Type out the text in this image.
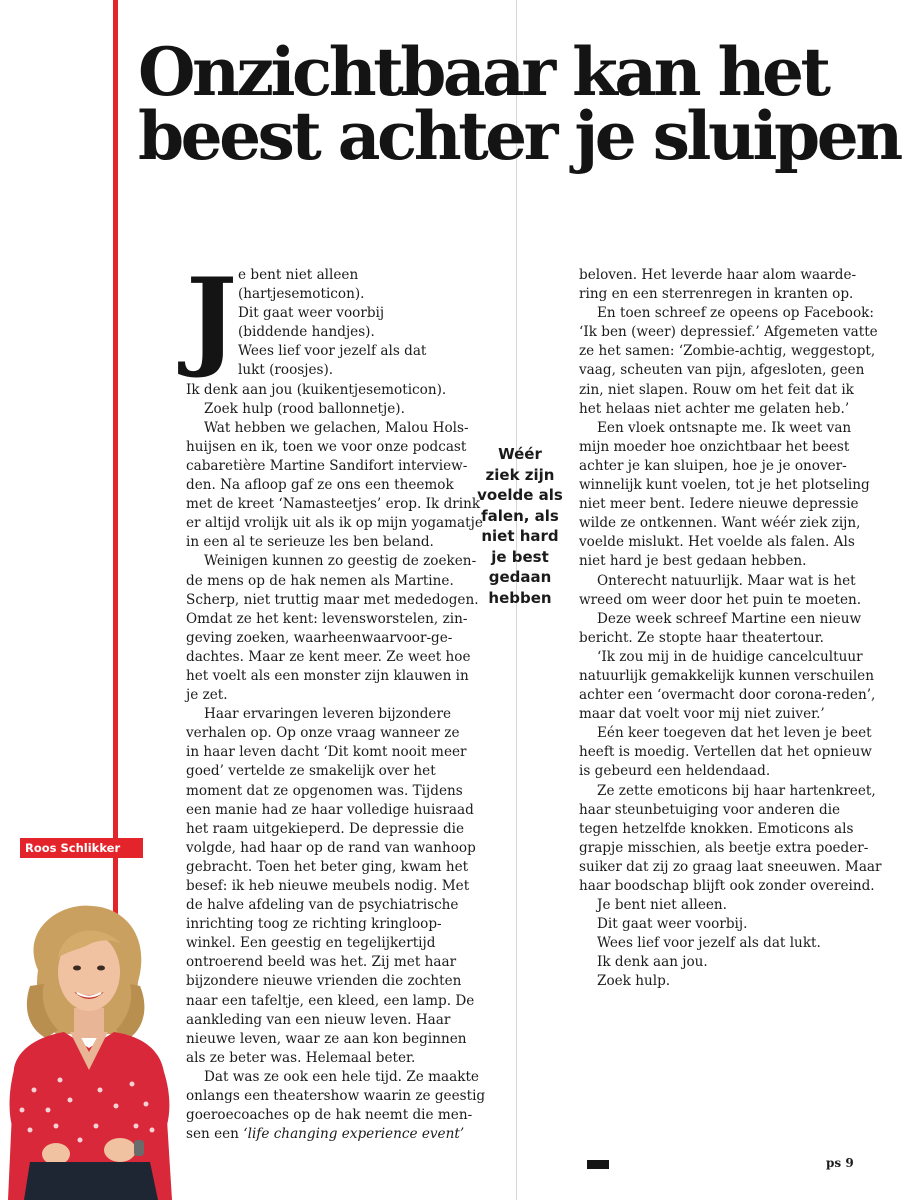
Onzichtbaar kan het
beest achter je sluipen
J e bent niet alleen
(hartjesemoticon).
Dit gaat weer voorbij
(biddende handjes).
Wees lief voor jezelf als dat
lukt (roosjes).
Ik denk aan jou (kuikentjesemoticon).
Zoek hulp (rood ballonnetje).
Wat hebben we gelachen, Malou Hols-
huijsen en ik, toen we voor onze podcast
cabaretière Martine Sandifort interview-
den. Na afloop gaf ze ons een theemok
met de kreet ‘Namasteetjes’ erop. Ik drink
er altijd vrolijk uit als ik op mijn yogamatje
in een al te serieuze les ben beland.
Weinigen kunnen zo geestig de zoeken-
de mens op de hak nemen als Martine.
Scherp, niet truttig maar met mededogen.
Omdat ze het kent: levensworstelen, zin-
geving zoeken, waarheenwaarvoor-ge-
dachtes. Maar ze kent meer. Ze weet hoe
het voelt als een monster zijn klauwen in
je zet.
Haar ervaringen leveren bijzondere
verhalen op. Op onze vraag wanneer ze
in haar leven dacht ‘Dit komt nooit meer
goed’ vertelde ze smakelijk over het
moment dat ze opgenomen was. Tijdens
een manie had ze haar volledige huisraad
het raam uitgekieperd. De depressie die
volgde, had haar op de rand van wanhoop
gebracht. Toen het beter ging, kwam het
besef: ik heb nieuwe meubels nodig. Met
de halve afdeling van de psychiatrische
inrichting toog ze richting kringloop-
winkel. Een geestig en tegelijkertijd
ontroerend beeld was het. Zij met haar
bijzondere nieuwe vrienden die zochten
naar een tafeltje, een kleed, een lamp. De
aankleding van een nieuw leven. Haar
nieuwe leven, waar ze aan kon beginnen
als ze beter was. Helemaal beter.
Dat was ze ook een hele tijd. Ze maakte
onlangs een theatershow waarin ze geestig
goeroecoaches op de hak neemt die men-
sen een ‘life changing experience event’
beloven. Het leverde haar alom waarde-
ring en een sterrenregen in kranten op.
En toen schreef ze opeens op Facebook:
‘Ik ben (weer) depressief.’ Afgemeten vatte
ze het samen: ‘Zombie-achtig, weggestopt,
vaag, scheuten van pijn, afgesloten, geen
zin, niet slapen. Rouw om het feit dat ik
het helaas niet achter me gelaten heb.’
Een vloek ontsnapte me. Ik weet van
mijn moeder hoe onzichtbaar het beest
achter je kan sluipen, hoe je je onover-
winnelijk kunt voelen, tot je het plotseling
niet meer bent. Iedere nieuwe depressie
wilde ze ontkennen. Want wéér ziek zijn,
voelde mislukt. Het voelde als falen. Als
niet hard je best gedaan hebben.
Onterecht natuurlijk. Maar wat is het
wreed om weer door het puin te moeten.
Deze week schreef Martine een nieuw
bericht. Ze stopte haar theatertour.
‘Ik zou mij in de huidige cancelcultuur
natuurlijk gemakkelijk kunnen verschuilen
achter een ‘overmacht door corona-reden’,
maar dat voelt voor mij niet zuiver.’
Eén keer toegeven dat het leven je beet
heeft is moedig. Vertellen dat het opnieuw
is gebeurd een heldendaad.
Ze zette emoticons bij haar hartenkreet,
haar steunbetuiging voor anderen die
tegen hetzelfde knokken. Emoticons als
grapje misschien, als beetje extra poeder-
suiker dat zij zo graag laat sneeuwen. Maar
haar boodschap blijft ook zonder overeind.
Je bent niet alleen.
Dit gaat weer voorbij.
Wees lief voor jezelf als dat lukt.
Ik denk aan jou.
Zoek hulp.
Wéér
ziek zijn
voelde als
falen, als
niet hard
je best
gedaan
hebben
Roos Schlikker
ps 9
